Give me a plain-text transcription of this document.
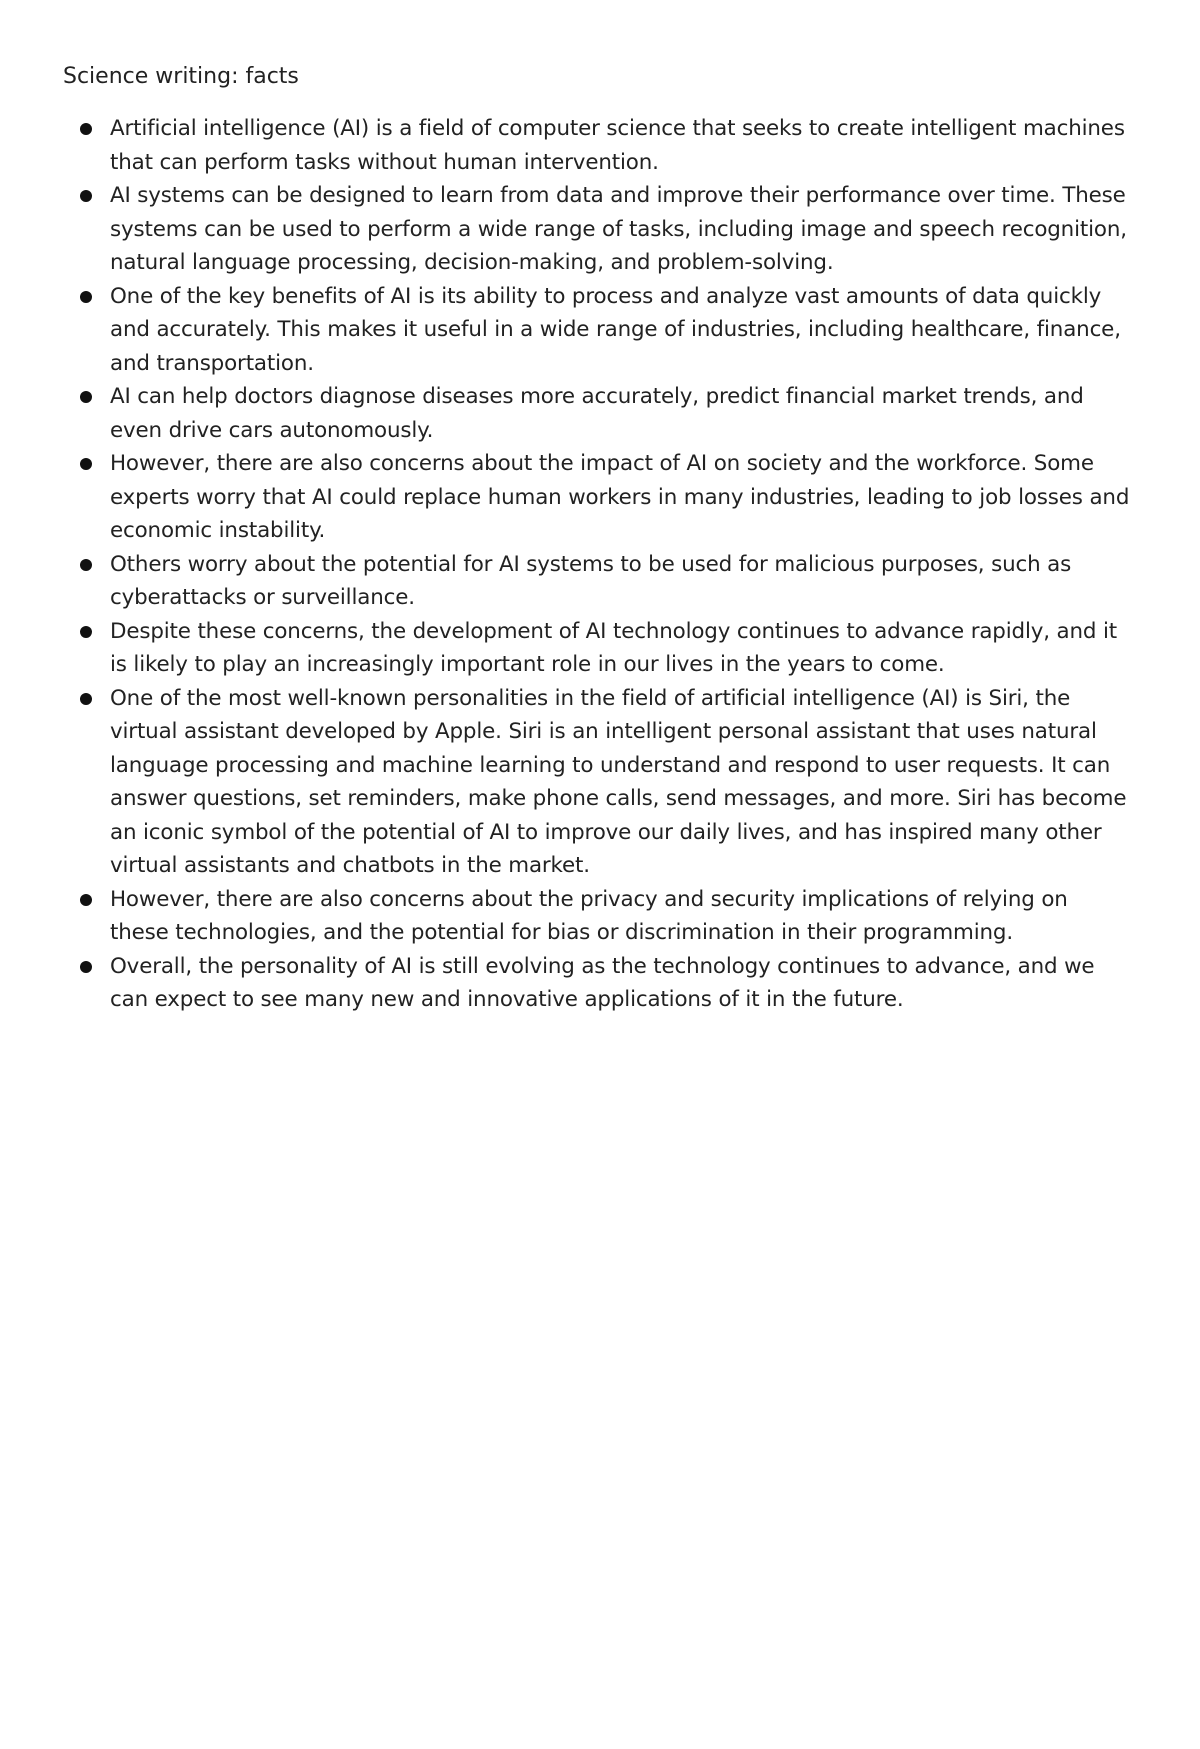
Science writing: facts
Artificial intelligence (AI) is a field of computer science that seeks to create intelligent machines that can perform tasks without human intervention.
AI systems can be designed to learn from data and improve their performance over time. These systems can be used to perform a wide range of tasks, including image and speech recognition, natural language processing, decision-making, and problem-solving.
One of the key benefits of AI is its ability to process and analyze vast amounts of data quickly and accurately. This makes it useful in a wide range of industries, including healthcare, finance, and transportation.
AI can help doctors diagnose diseases more accurately, predict financial market trends, and even drive cars autonomously.
However, there are also concerns about the impact of AI on society and the workforce. Some experts worry that AI could replace human workers in many industries, leading to job losses and economic instability.
Others worry about the potential for AI systems to be used for malicious purposes, such as cyberattacks or surveillance.
Despite these concerns, the development of AI technology continues to advance rapidly, and it is likely to play an increasingly important role in our lives in the years to come.
One of the most well-known personalities in the field of artificial intelligence (AI) is Siri, the virtual assistant developed by Apple. Siri is an intelligent personal assistant that uses natural language processing and machine learning to understand and respond to user requests. It can answer questions, set reminders, make phone calls, send messages, and more. Siri has become an iconic symbol of the potential of AI to improve our daily lives, and has inspired many other virtual assistants and chatbots in the market.
However, there are also concerns about the privacy and security implications of relying on these technologies, and the potential for bias or discrimination in their programming.
Overall, the personality of AI is still evolving as the technology continues to advance, and we can expect to see many new and innovative applications of it in the future.
